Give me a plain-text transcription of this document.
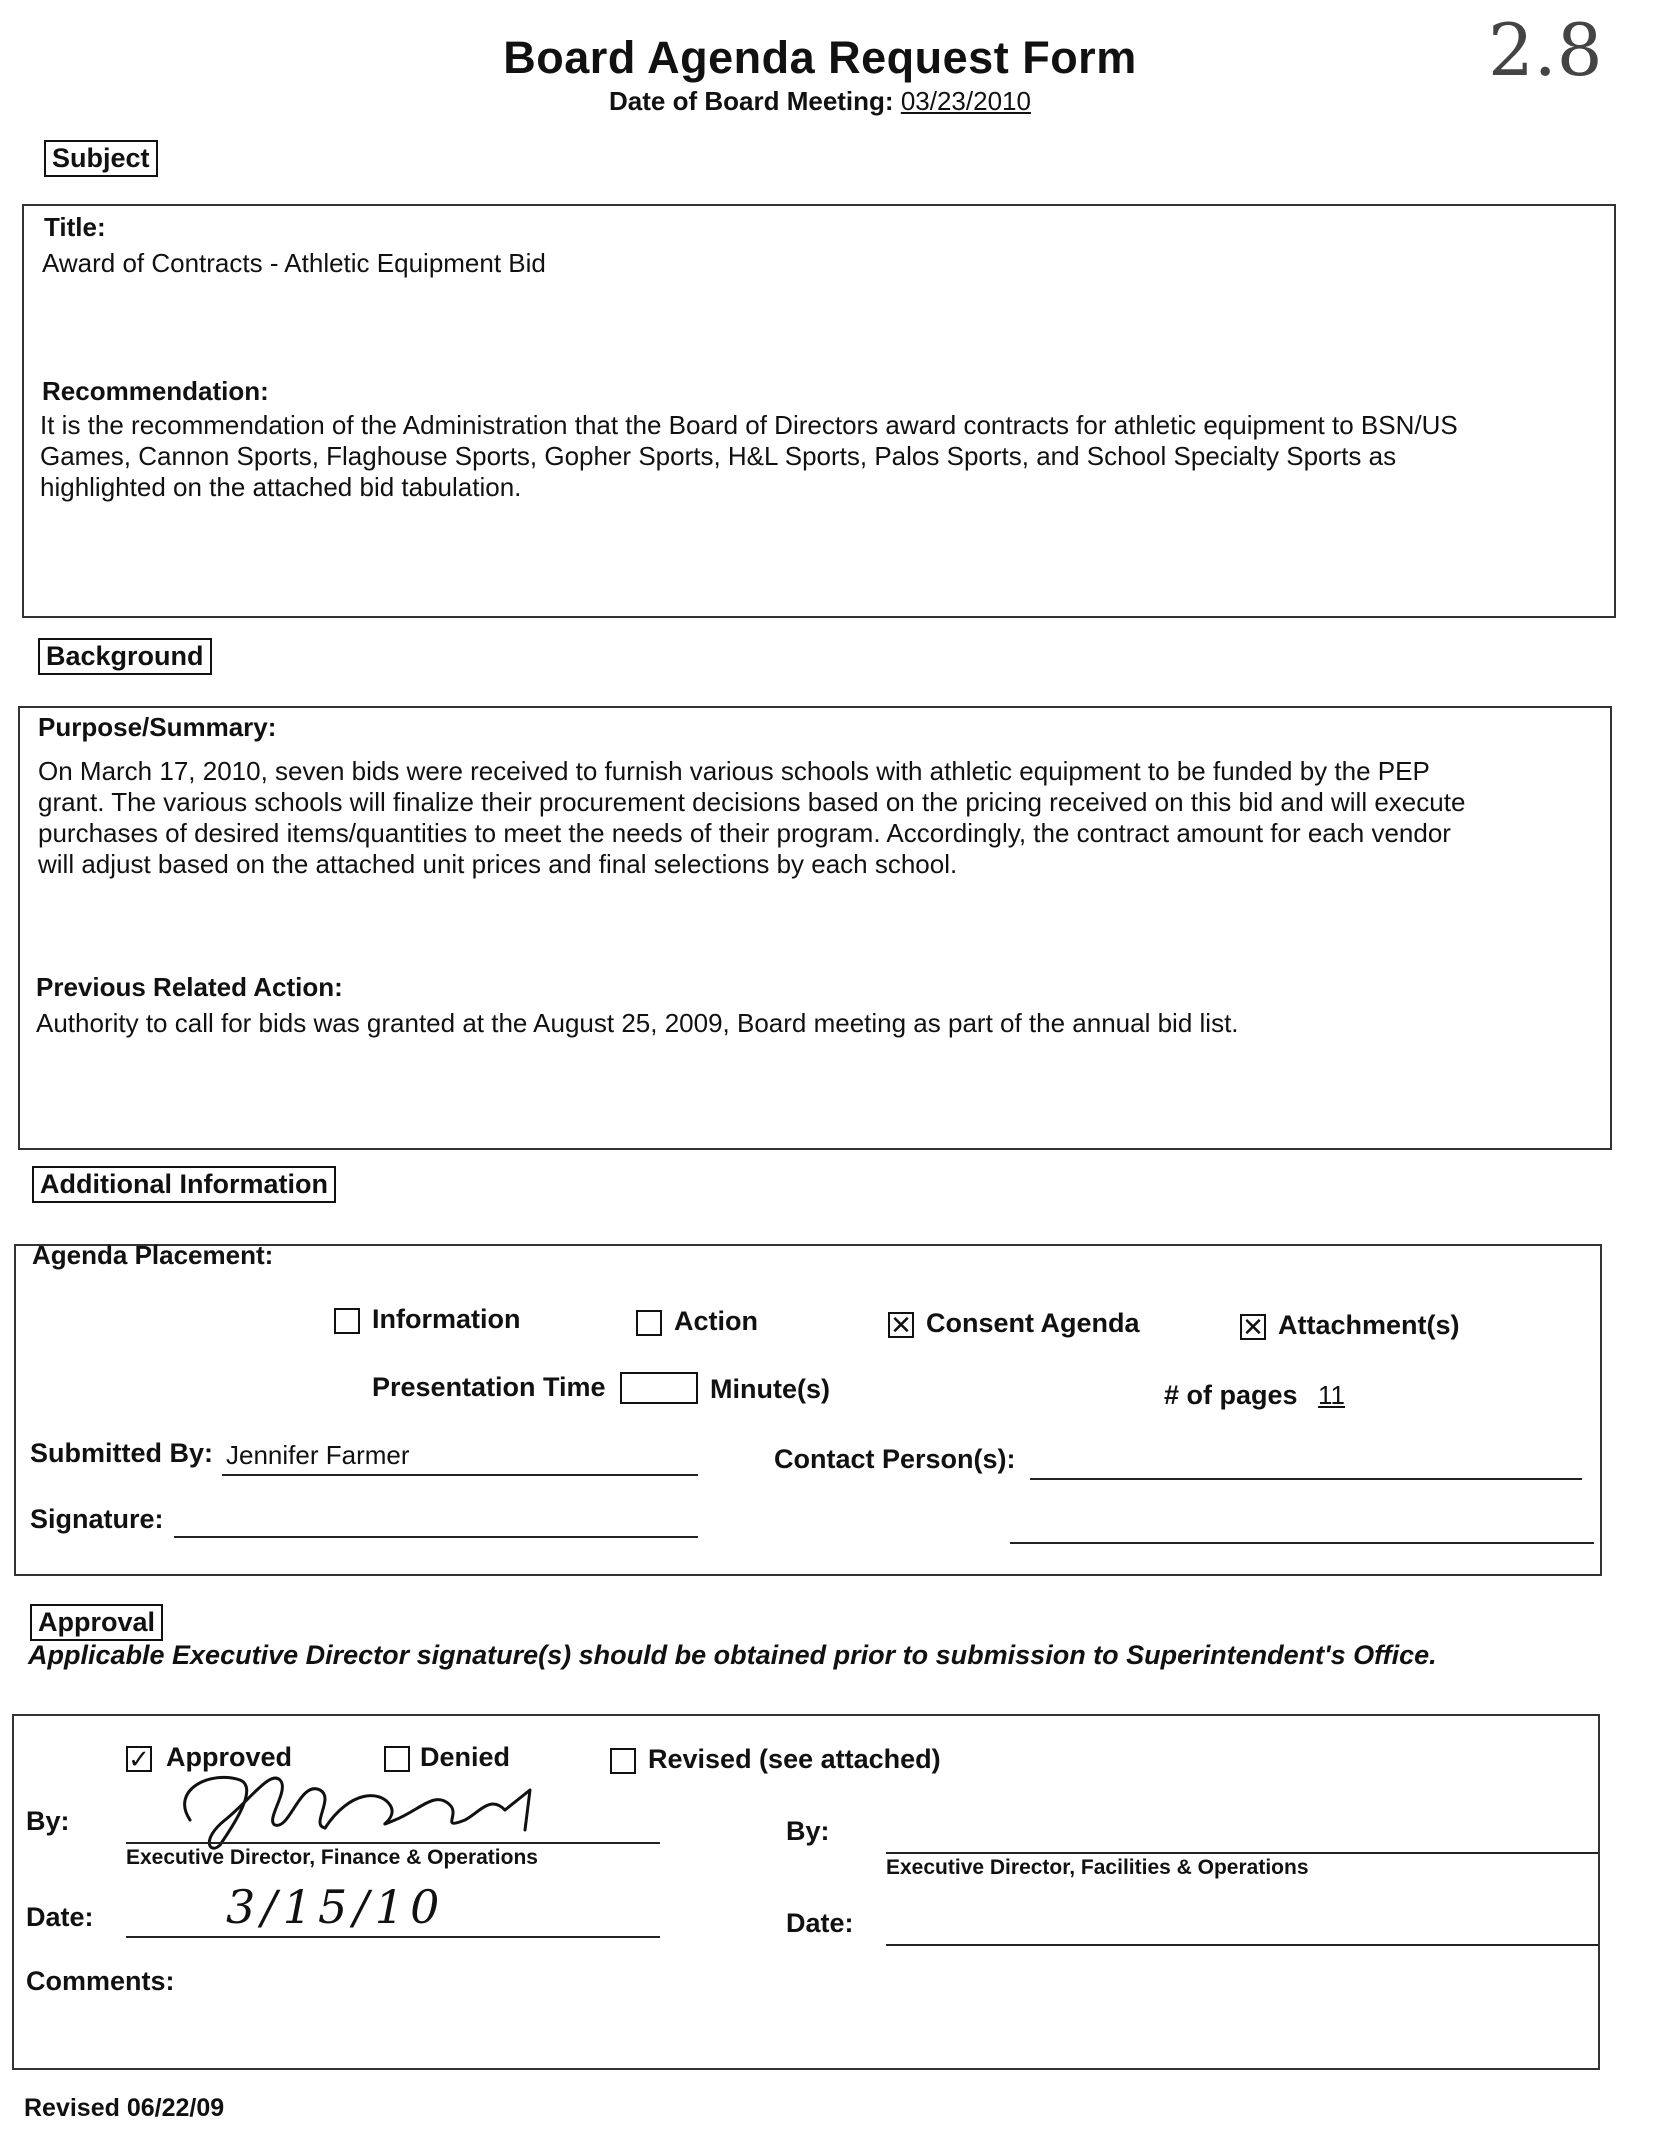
Board Agenda Request Form
Date of Board Meeting: 03/23/2010
2.8
Subject
Title:
Award of Contracts - Athletic Equipment Bid
Recommendation:
It is the recommendation of the Administration that the Board of Directors award contracts for athletic equipment to BSN/US
Games, Cannon Sports, Flaghouse Sports, Gopher Sports, H&L Sports, Palos Sports, and School Specialty Sports as
highlighted on the attached bid tabulation.
Background
Purpose/Summary:
On March 17, 2010, seven bids were received to furnish various schools with athletic equipment to be funded by the PEP
grant. The various schools will finalize their procurement decisions based on the pricing received on this bid and will execute
purchases of desired items/quantities to meet the needs of their program. Accordingly, the contract amount for each vendor
will adjust based on the attached unit prices and final selections by each school.
Previous Related Action:
Authority to call for bids was granted at the August 25, 2009, Board meeting as part of the annual bid list.
Additional Information
Agenda Placement:
Information	Action	✕ Consent Agenda	✕ Attachment(s)
Presentation Time	Minute(s)	# of pages 11
Submitted By: Jennifer Farmer	Contact Person(s):
Signature:
Approval
Applicable Executive Director signature(s) should be obtained prior to submission to Superintendent's Office.
✓ Approved	Denied	Revised (see attached)
By:
Executive Director, Finance & Operations
Date:	3/15/10
By:
Executive Director, Facilities & Operations
Date:
Comments:
Revised 06/22/09
